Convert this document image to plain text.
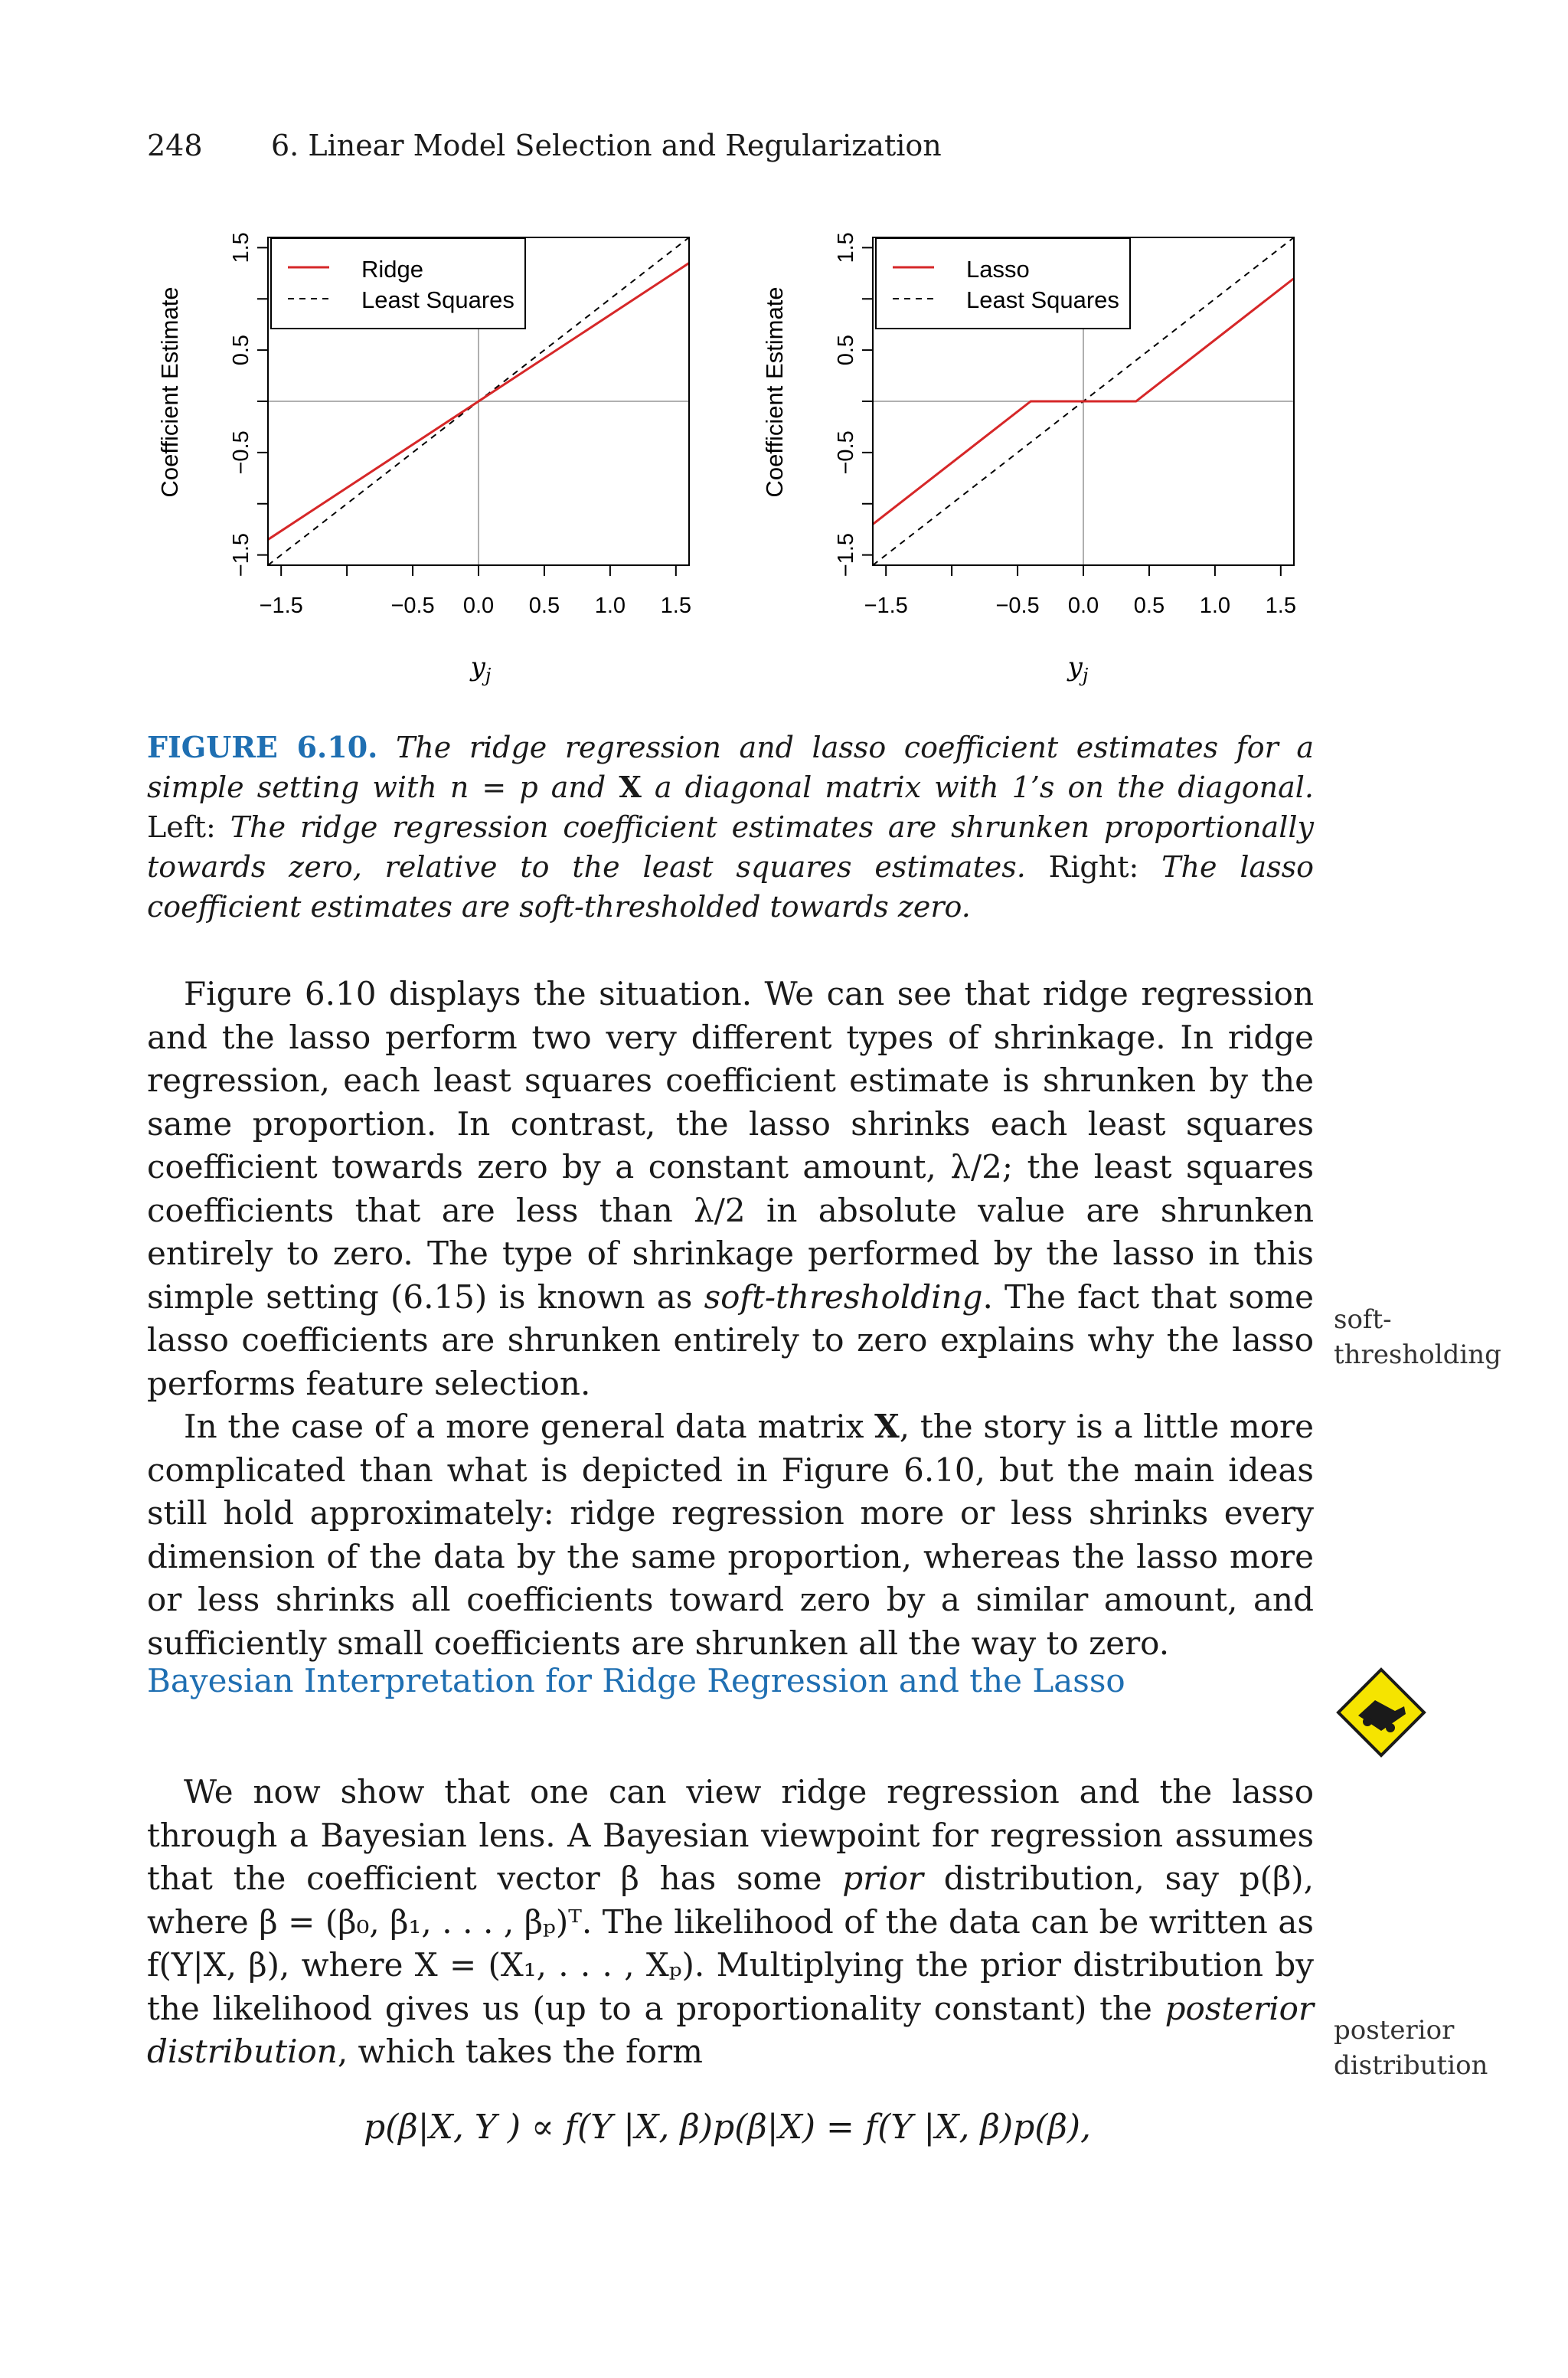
248 6. Linear Model Selection and Regularization
−1.5	−0.5 0.0 0.5 1.0 1.5
−1.5
−0.5
0.5
1.5
Ridge
Least Squares
Coefficient Estimate
$y_j$
−1.5	−0.5 0.0 0.5 1.0 1.5
−1.5
−0.5
0.5
1.5
Lasso
Least Squares
Coefficient Estimate
$y_j$
FIGURE 6.10. The ridge regression and lasso coefficient estimates for a simple setting with n = p and X a diagonal matrix with 1’s on the diagonal. Left: The ridge regression coefficient estimates are shrunken proportionally towards zero, relative to the least squares estimates. Right: The lasso coefficient estimates are soft-thresholded towards zero.

Figure 6.10 displays the situation. We can see that ridge regression and the lasso perform two very different types of shrinkage. In ridge regression, each least squares coefficient estimate is shrunken by the same proportion. In contrast, the lasso shrinks each least squares coefficient towards zero by a constant amount, λ/2; the least squares coefficients that are less than λ/2 in absolute value are shrunken entirely to zero. The type of shrinkage performed by the lasso in this simple setting (6.15) is known as soft-thresholding. The fact that some lasso coefficients are shrunken entirely to zero explains why the lasso performs feature selection.

In the case of a more general data matrix X, the story is a little more complicated than what is depicted in Figure 6.10, but the main ideas still hold approximately: ridge regression more or less shrinks every dimension of the data by the same proportion, whereas the lasso more or less shrinks all coefficients toward zero by a similar amount, and sufficiently small coefficients are shrunken all the way to zero.

soft-
thresholding
Bayesian Interpretation for Ridge Regression and the Lasso

We now show that one can view ridge regression and the lasso through a Bayesian lens. A Bayesian viewpoint for regression assumes that the coefficient vector β has some prior distribution, say p(β), where β = (β₀, β₁, . . . , βₚ)ᵀ. The likelihood of the data can be written as f(Y|X, β), where X = (X₁, . . . , Xₚ). Multiplying the prior distribution by the likelihood gives us (up to a proportionality constant) the posterior distribution, which takes the form

posterior
distribution
p(β|X, Y ) ∝ f(Y |X, β)p(β|X) = f(Y |X, β)p(β),
